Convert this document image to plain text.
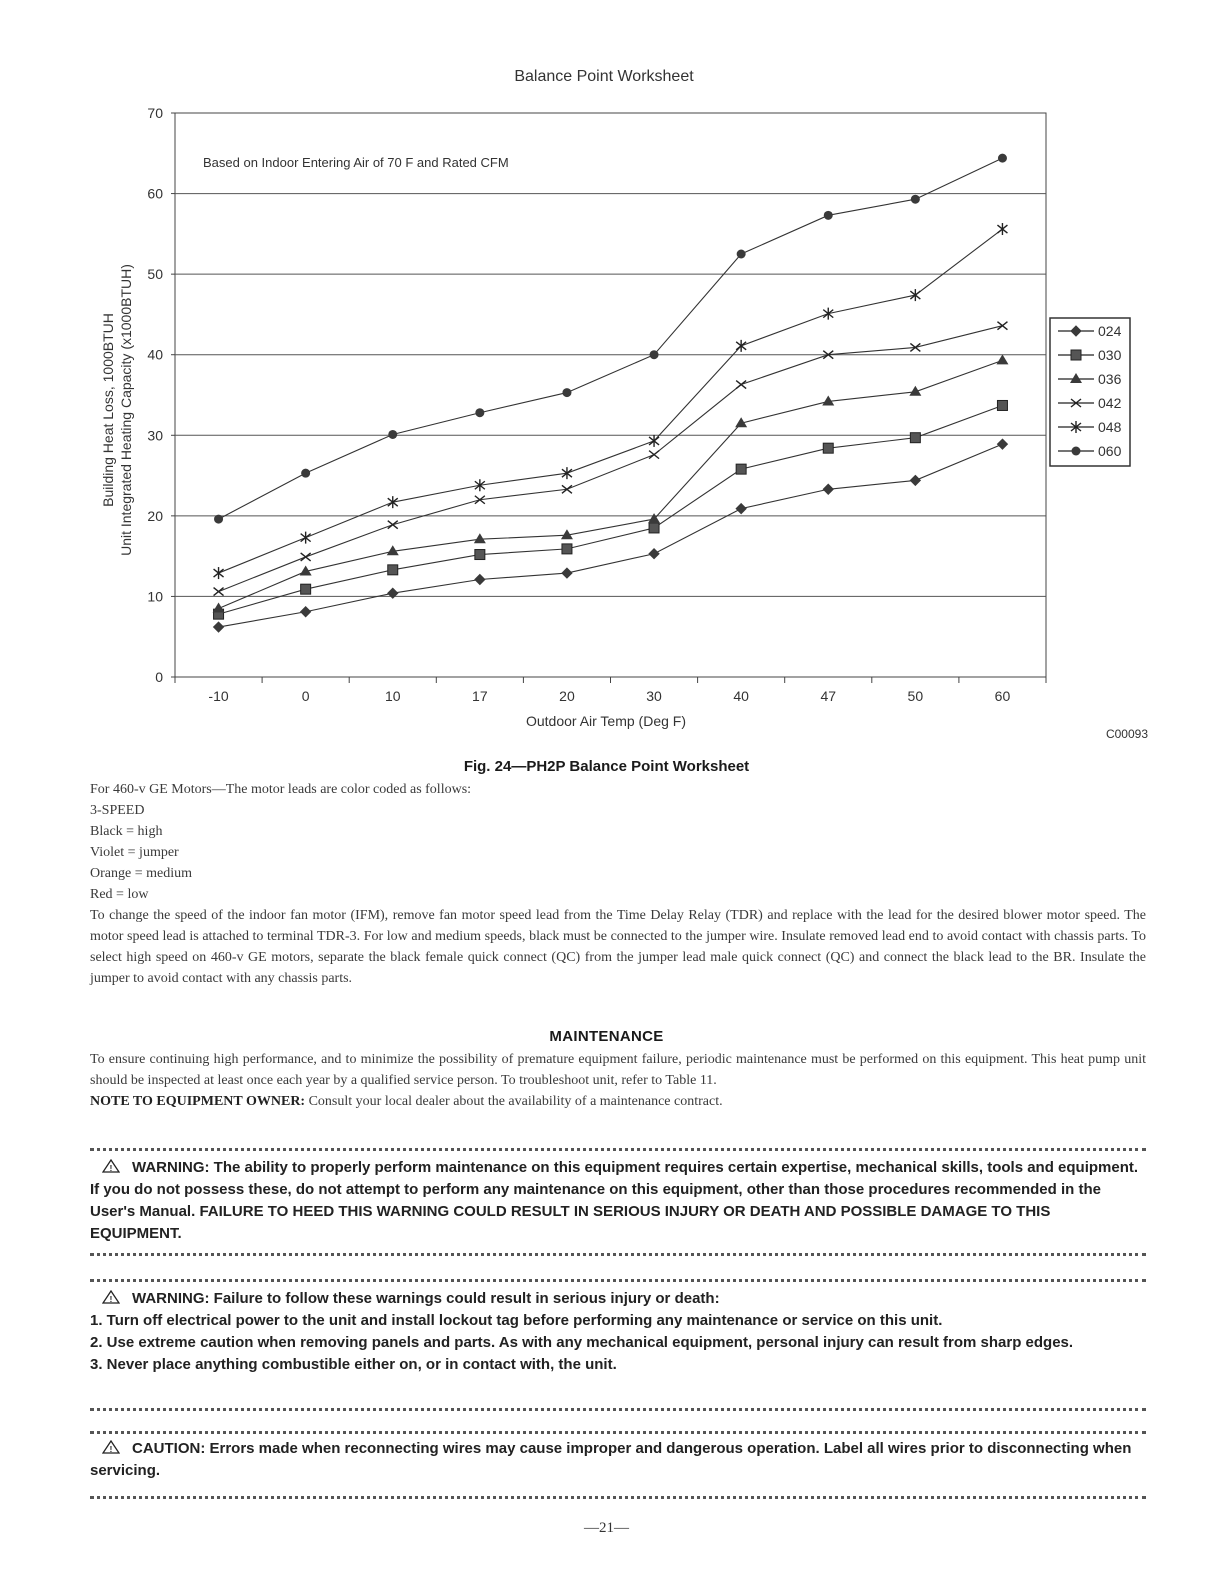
Balance Point Worksheet
0
10
20
30
40
50
60
70
-10	0	10	17	20	30	40	47	50	60
Based on Indoor Entering Air of 70 F and Rated CFM
Outdoor Air Temp (Deg F)
Building Heat Loss, 1000BTUH Unit Integrated Heating Capacity (x1000BTUH)	024
030
036
042
048
060
C00093
Fig. 24—PH2P Balance Point Worksheet

For 460-v GE Motors—The motor leads are color coded as follows:

3-SPEED

Black = high

Violet = jumper

Orange = medium

Red = low

To change the speed of the indoor fan motor (IFM), remove fan motor speed lead from the Time Delay Relay (TDR) and replace with the lead for the desired blower motor speed. The motor speed lead is attached to terminal TDR-3. For low and medium speeds, black must be connected to the jumper wire. Insulate removed lead end to avoid contact with chassis parts. To select high speed on 460-v GE motors, separate the black female quick connect (QC) from the jumper lead male quick connect (QC) and connect the black lead to the BR. Insulate the jumper to avoid contact with any chassis parts.

MAINTENANCE

To ensure continuing high performance, and to minimize the possibility of premature equipment failure, periodic maintenance must be performed on this equipment. This heat pump unit should be inspected at least once each year by a qualified service person. To troubleshoot unit, refer to Table 11.

NOTE TO EQUIPMENT OWNER: Consult your local dealer about the availability of a maintenance contract.

! WARNING: The ability to properly perform maintenance on this equipment requires certain expertise, mechanical skills, tools and equipment. If you do not possess these, do not attempt to perform any maintenance on this equipment, other than those procedures recommended in the User's Manual. FAILURE TO HEED THIS WARNING COULD RESULT IN SERIOUS INJURY OR DEATH AND POSSIBLE DAMAGE TO THIS EQUIPMENT.
! WARNING: Failure to follow these warnings could result in serious injury or death:
1. Turn off electrical power to the unit and install lockout tag before performing any maintenance or service on this unit.
2. Use extreme caution when removing panels and parts. As with any mechanical equipment, personal injury can result from sharp edges.
3. Never place anything combustible either on, or in contact with, the unit.
! CAUTION: Errors made when reconnecting wires may cause improper and dangerous operation. Label all wires prior to disconnecting when servicing.
—21—
